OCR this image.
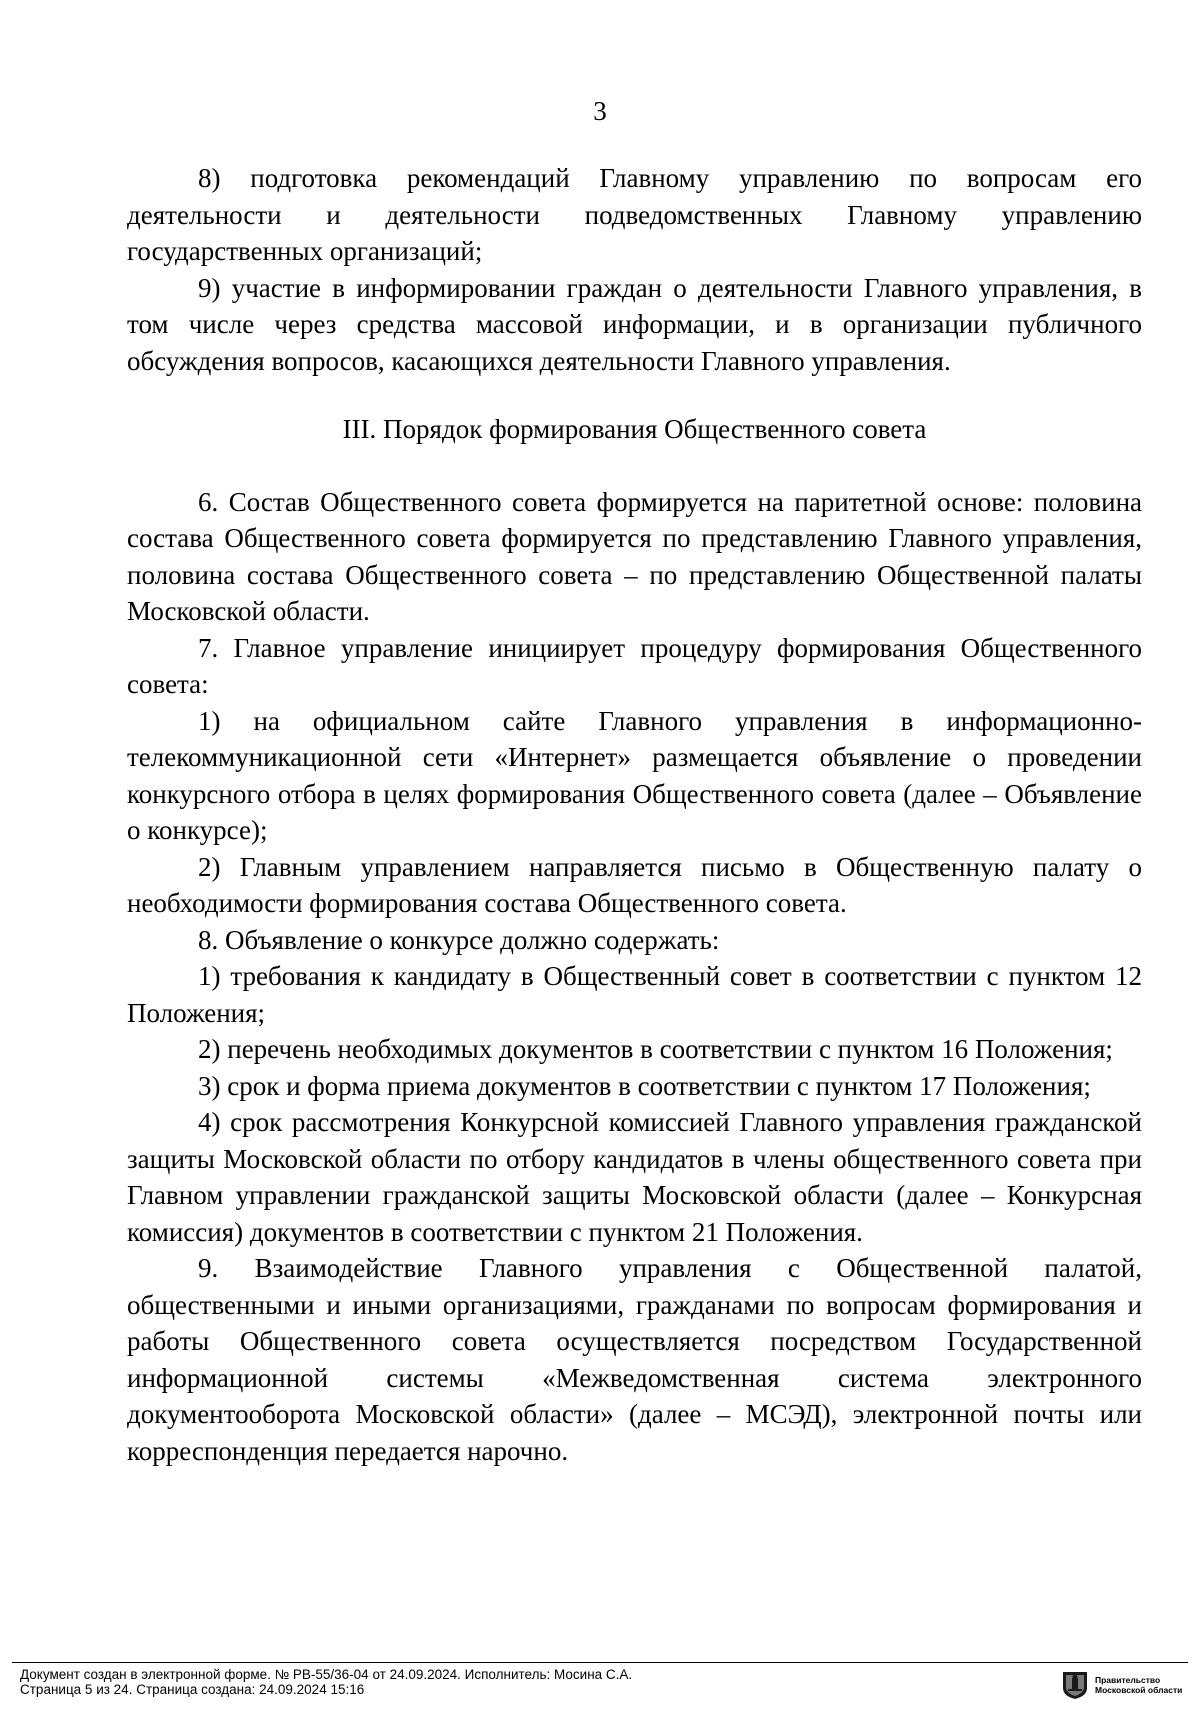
3

8) подготовка рекомендаций Главному управлению по вопросам его деятельности и деятельности подведомственных Главному управлению государственных организаций;

9) участие в информировании граждан о деятельности Главного управления, в том числе через средства массовой информации, и в организации публичного обсуждения вопросов, касающихся деятельности Главного управления.

III. Порядок формирования Общественного совета

6. Состав Общественного совета формируется на паритетной основе: половина состава Общественного совета формируется по представлению Главного управления, половина состава Общественного совета – по представлению Общественной палаты Московской области.

7. Главное управление инициирует процедуру формирования Общественного совета:

1) на официальном сайте Главного управления в информационно-телекоммуникационной сети «Интернет» размещается объявление о проведении конкурсного отбора в целях формирования Общественного совета (далее – Объявление о конкурсе);

2) Главным управлением направляется письмо в Общественную палату о необходимости формирования состава Общественного совета.

8. Объявление о конкурсе должно содержать:

1) требования к кандидату в Общественный совет в соответствии с пунктом 12 Положения;

2) перечень необходимых документов в соответствии с пунктом 16 Положения;

3) срок и форма приема документов в соответствии с пунктом 17 Положения;

4) срок рассмотрения Конкурсной комиссией Главного управления гражданской защиты Московской области по отбору кандидатов в члены общественного совета при Главном управлении гражданской защиты Московской области (далее – Конкурсная комиссия) документов в соответствии с пунктом 21 Положения.

9. Взаимодействие Главного управления с Общественной палатой, общественными и иными организациями, гражданами по вопросам формирования и работы Общественного совета осуществляется посредством Государственной информационной системы «Межведомственная система электронного документооборота Московской области» (далее – МСЭД), электронной почты или корреспонденция передается нарочно.

Документ создан в электронной форме. № РВ-55/36-04 от 24.09.2024. Исполнитель: Мосина С.А.
Страница 5 из 24. Страница создана: 24.09.2024 15:16
Правительство
Московской области
